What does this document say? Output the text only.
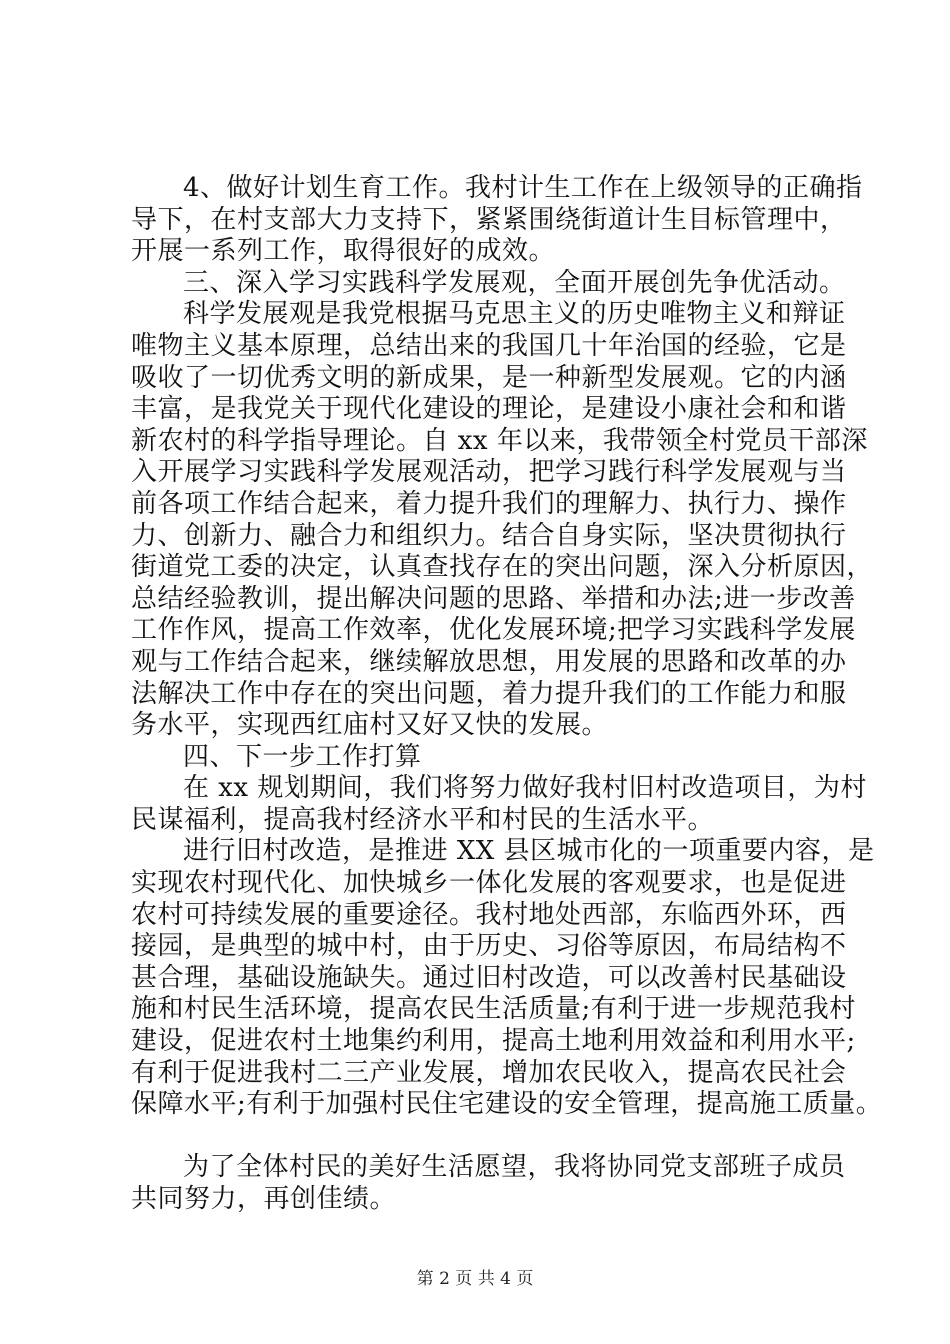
4、做好计划生育工作。我村计生工作在上级领导的正确指
导下，在村支部大力支持下，紧紧围绕街道计生目标管理中，
开展一系列工作，取得很好的成效。
三、深入学习实践科学发展观，全面开展创先争优活动。
科学发展观是我党根据马克思主义的历史唯物主义和辩证
唯物主义基本原理，总结出来的我国几十年治国的经验，它是
吸收了一切优秀文明的新成果，是一种新型发展观。它的内涵
丰富，是我党关于现代化建设的理论，是建设小康社会和和谐
新农村的科学指导理论。自 xx 年以来，我带领全村党员干部深
入开展学习实践科学发展观活动，把学习践行科学发展观与当
前各项工作结合起来，着力提升我们的理解力、执行力、操作
力、创新力、融合力和组织力。结合自身实际，坚决贯彻执行
街道党工委的决定，认真查找存在的突出问题，深入分析原因，
总结经验教训，提出解决问题的思路、举措和办法;进一步改善
工作作风，提高工作效率，优化发展环境;把学习实践科学发展
观与工作结合起来，继续解放思想，用发展的思路和改革的办
法解决工作中存在的突出问题，着力提升我们的工作能力和服
务水平，实现西红庙村又好又快的发展。
四、下一步工作打算
在 xx 规划期间，我们将努力做好我村旧村改造项目，为村
民谋福利，提高我村经济水平和村民的生活水平。
进行旧村改造，是推进 XX 县区城市化的一项重要内容，是
实现农村现代化、加快城乡一体化发展的客观要求，也是促进
农村可持续发展的重要途径。我村地处西部，东临西外环，西
接园，是典型的城中村，由于历史、习俗等原因，布局结构不
甚合理，基础设施缺失。通过旧村改造，可以改善村民基础设
施和村民生活环境，提高农民生活质量;有利于进一步规范我村
建设，促进农村土地集约利用，提高土地利用效益和利用水平;
有利于促进我村二三产业发展，增加农民收入，提高农民社会
保障水平;有利于加强村民住宅建设的安全管理，提高施工质量。
为了全体村民的美好生活愿望，我将协同党支部班子成员
共同努力，再创佳绩。
第 2 页 共 4 页
